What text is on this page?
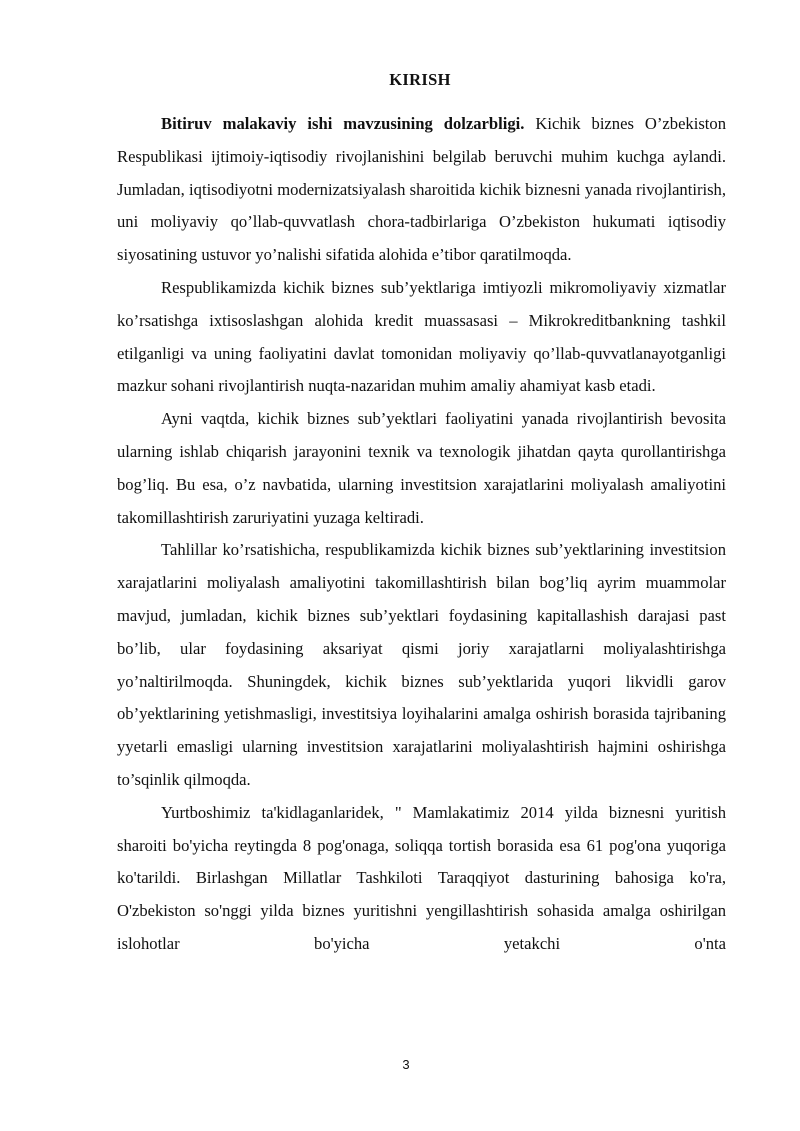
KIRISH

Bitiruv malakaviy ishi mavzusining dolzarbligi. Kichik biznes O’zbekiston Respublikasi ijtimoiy-iqtisodiy rivojlanishini belgilab beruvchi muhim kuchga aylandi. Jumladan, iqtisodiyotni modernizatsiyalash sharoitida kichik biznesni yanada rivojlantirish, uni moliyaviy qo’llab-quvvatlash chora-tadbirlariga O’zbekiston hukumati iqtisodiy siyosatining ustuvor yo’nalishi sifatida alohida e’tibor qaratilmoqda.

Respublikamizda kichik biznes sub’yektlariga imtiyozli mikromoliyaviy xizmatlar ko’rsatishga ixtisoslashgan alohida kredit muassasasi – Mikrokreditbankning tashkil etilganligi va uning faoliyatini davlat tomonidan moliyaviy qo’llab-quvvatlanayotganligi mazkur sohani rivojlantirish nuqta-nazaridan muhim amaliy ahamiyat kasb etadi.

Ayni vaqtda, kichik biznes sub’yektlari faoliyatini yanada rivojlantirish bevosita ularning ishlab chiqarish jarayonini texnik va texnologik jihatdan qayta qurollantirishga bog’liq. Bu esa, o’z navbatida, ularning investitsion xarajatlarini moliyalash amaliyotini takomillashtirish zaruriyatini yuzaga keltiradi.

Tahlillar ko’rsatishicha, respublikamizda kichik biznes sub’yektlarining investitsion xarajatlarini moliyalash amaliyotini takomillashtirish bilan bog’liq ayrim muammolar mavjud, jumladan, kichik biznes sub’yektlari foydasining kapitallashish darajasi past bo’lib, ular foydasining aksariyat qismi joriy xarajatlarni moliyalashtirishga yo’naltirilmoqda. Shuningdek, kichik biznes sub’yektlarida yuqori likvidli garov ob’yektlarining yetishmasligi, investitsiya loyihalarini amalga oshirish borasida tajribaning yyetarli emasligi ularning investitsion xarajatlarini moliyalashtirish hajmini oshirishga to’sqinlik qilmoqda.

Yurtboshimiz ta'kidlaganlaridek, " Mamlakatimiz 2014 yilda biznesni yuritish sharoiti bo'yicha reytingda 8 pog'onaga, soliqqa tortish borasida esa 61 pog'ona yuqoriga ko'tarildi. Birlashgan Millatlar Tashkiloti Taraqqiyot dasturining bahosiga ko'ra, O'zbekiston so'nggi yilda biznes yuritishni yengillashtirish sohasida amalga oshirilgan islohotlar bo'yicha yetakchi o'nta

3
